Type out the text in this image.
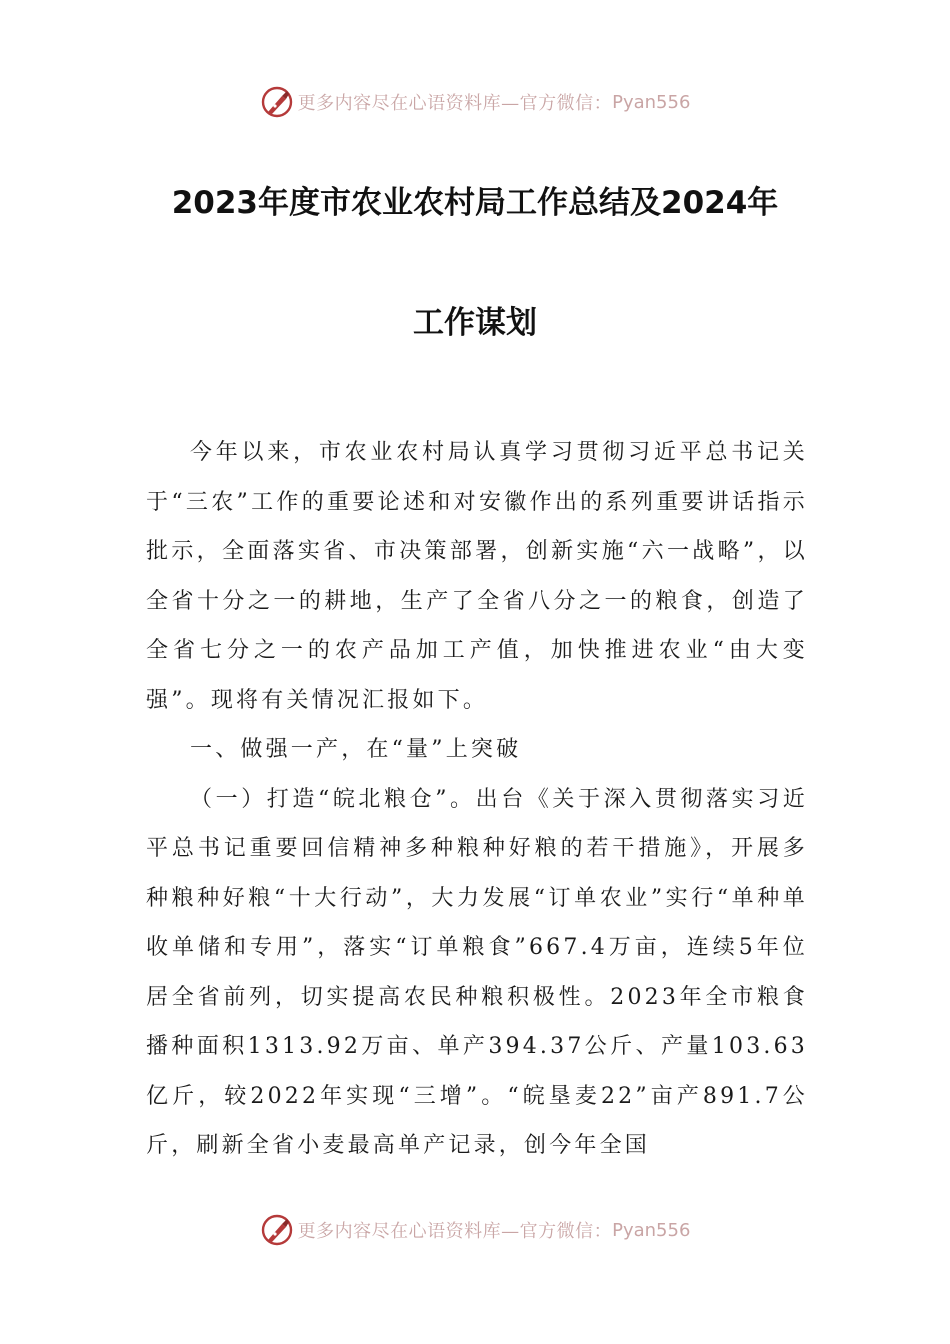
更多内容尽在心语资料库—官方微信： Pyan556
2023年度市农业农村局工作总结及2024年
工作谋划

今年以来，市农业农村局认真学习贯彻习近平总书记关于“三农”工作的重要论述和对安徽作出的系列重要讲话指示批示，全面落实省、市决策部署，创新实施“六一战略”，以全省十分之一的耕地，生产了全省八分之一的粮食，创造了全省七分之一的农产品加工产值，加快推进农业“由大变强”。现将有关情况汇报如下。

一、做强一产，在“量”上突破

（一）打造“皖北粮仓”。出台《关于深入贯彻落实习近平总书记重要回信精神多种粮种好粮的若干措施》，开展多种粮种好粮“十大行动”，大力发展“订单农业”实行“单种单收单储和专用”，落实“订单粮食”667.4万亩，连续5年位居全省前列，切实提高农民种粮积极性。2023年全市粮食播种面积1313.92万亩、单产394.37公斤、产量103.63亿斤，较2022年实现“三增”。“皖垦麦22”亩产891.7公斤，刷新全省小麦最高单产记录，创今年全国

更多内容尽在心语资料库—官方微信： Pyan556
